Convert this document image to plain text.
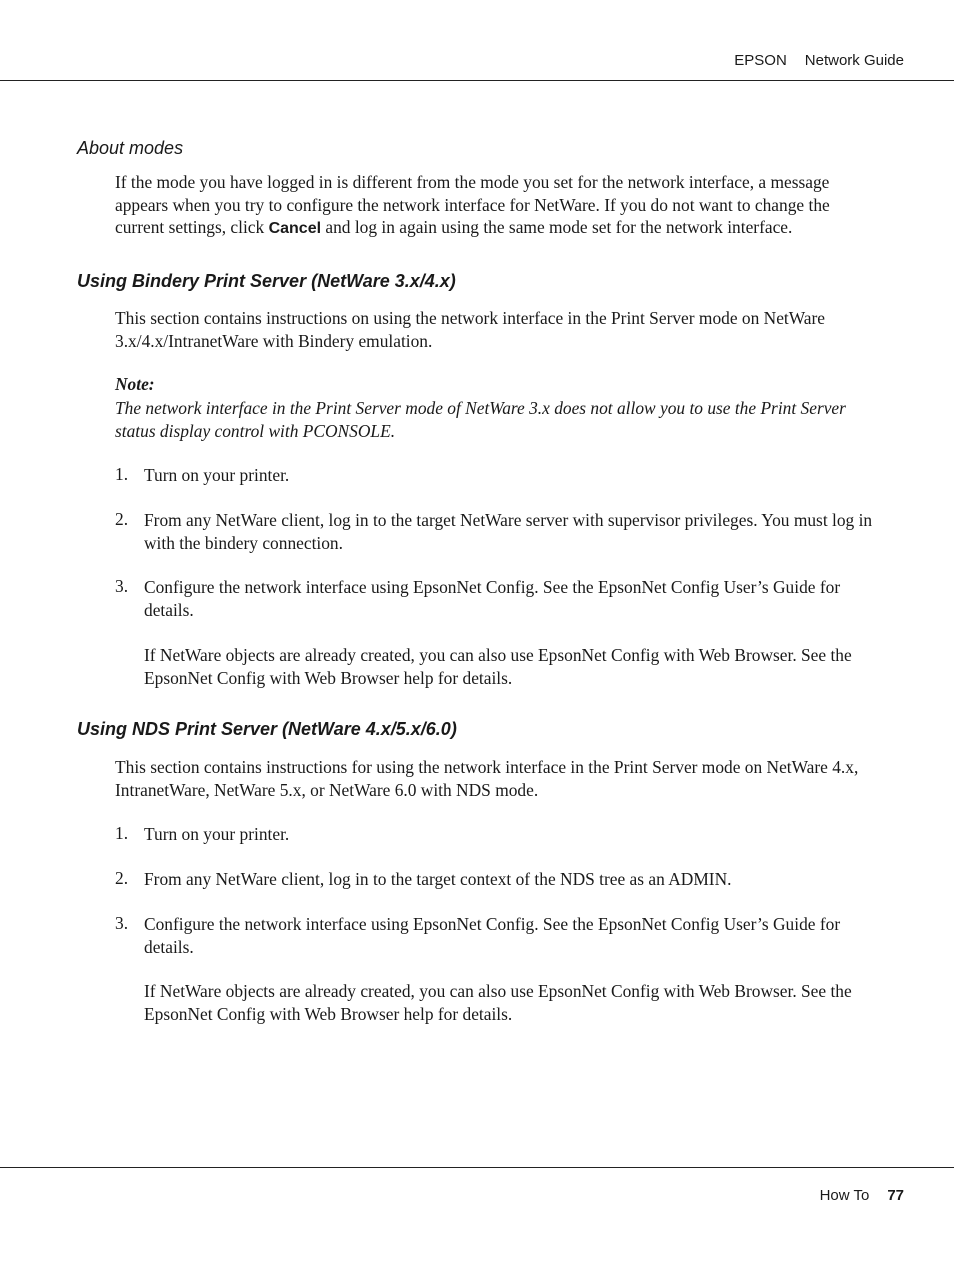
EPSON Network Guide
About modes
If the mode you have logged in is different from the mode you set for the network interface, a message appears when you try to configure the network interface for NetWare. If you do not want to change the current settings, click Cancel and log in again using the same mode set for the network interface.
Using Bindery Print Server (NetWare 3.x/4.x)
This section contains instructions on using the network interface in the Print Server mode on NetWare 3.x/4.x/IntranetWare with Bindery emulation.
Note:
The network interface in the Print Server mode of NetWare 3.x does not allow you to use the Print Server status display control with PCONSOLE.
1. Turn on your printer.
2. From any NetWare client, log in to the target NetWare server with supervisor privileges. You must log in with the bindery connection.
3. Configure the network interface using EpsonNet Config. See the EpsonNet Config User’s Guide for details.
If NetWare objects are already created, you can also use EpsonNet Config with Web Browser. See the EpsonNet Config with Web Browser help for details.
Using NDS Print Server (NetWare 4.x/5.x/6.0)
This section contains instructions for using the network interface in the Print Server mode on NetWare 4.x, IntranetWare, NetWare 5.x, or NetWare 6.0 with NDS mode.
1. Turn on your printer.
2. From any NetWare client, log in to the target context of the NDS tree as an ADMIN.
3. Configure the network interface using EpsonNet Config. See the EpsonNet Config User’s Guide for details.
If NetWare objects are already created, you can also use EpsonNet Config with Web Browser. See the EpsonNet Config with Web Browser help for details.
How To 77
